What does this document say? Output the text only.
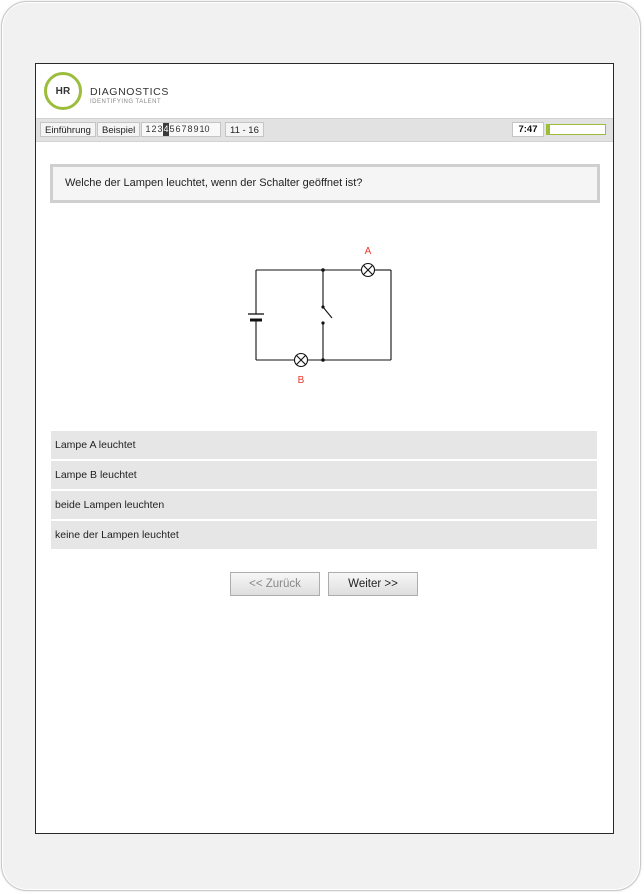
HR DIAGNOSTICS
IDENTIFYING TALENT
Einführung	Beispiel	1 2 3 4 5 6 7 8 9 10	11 - 16	7:47
Welche der Lampen leuchtet, wenn der Schalter geöffnet ist?
A
B
Lampe A leuchtet
Lampe B leuchtet
beide Lampen leuchten
keine der Lampen leuchtet
<< Zurück	Weiter >>
